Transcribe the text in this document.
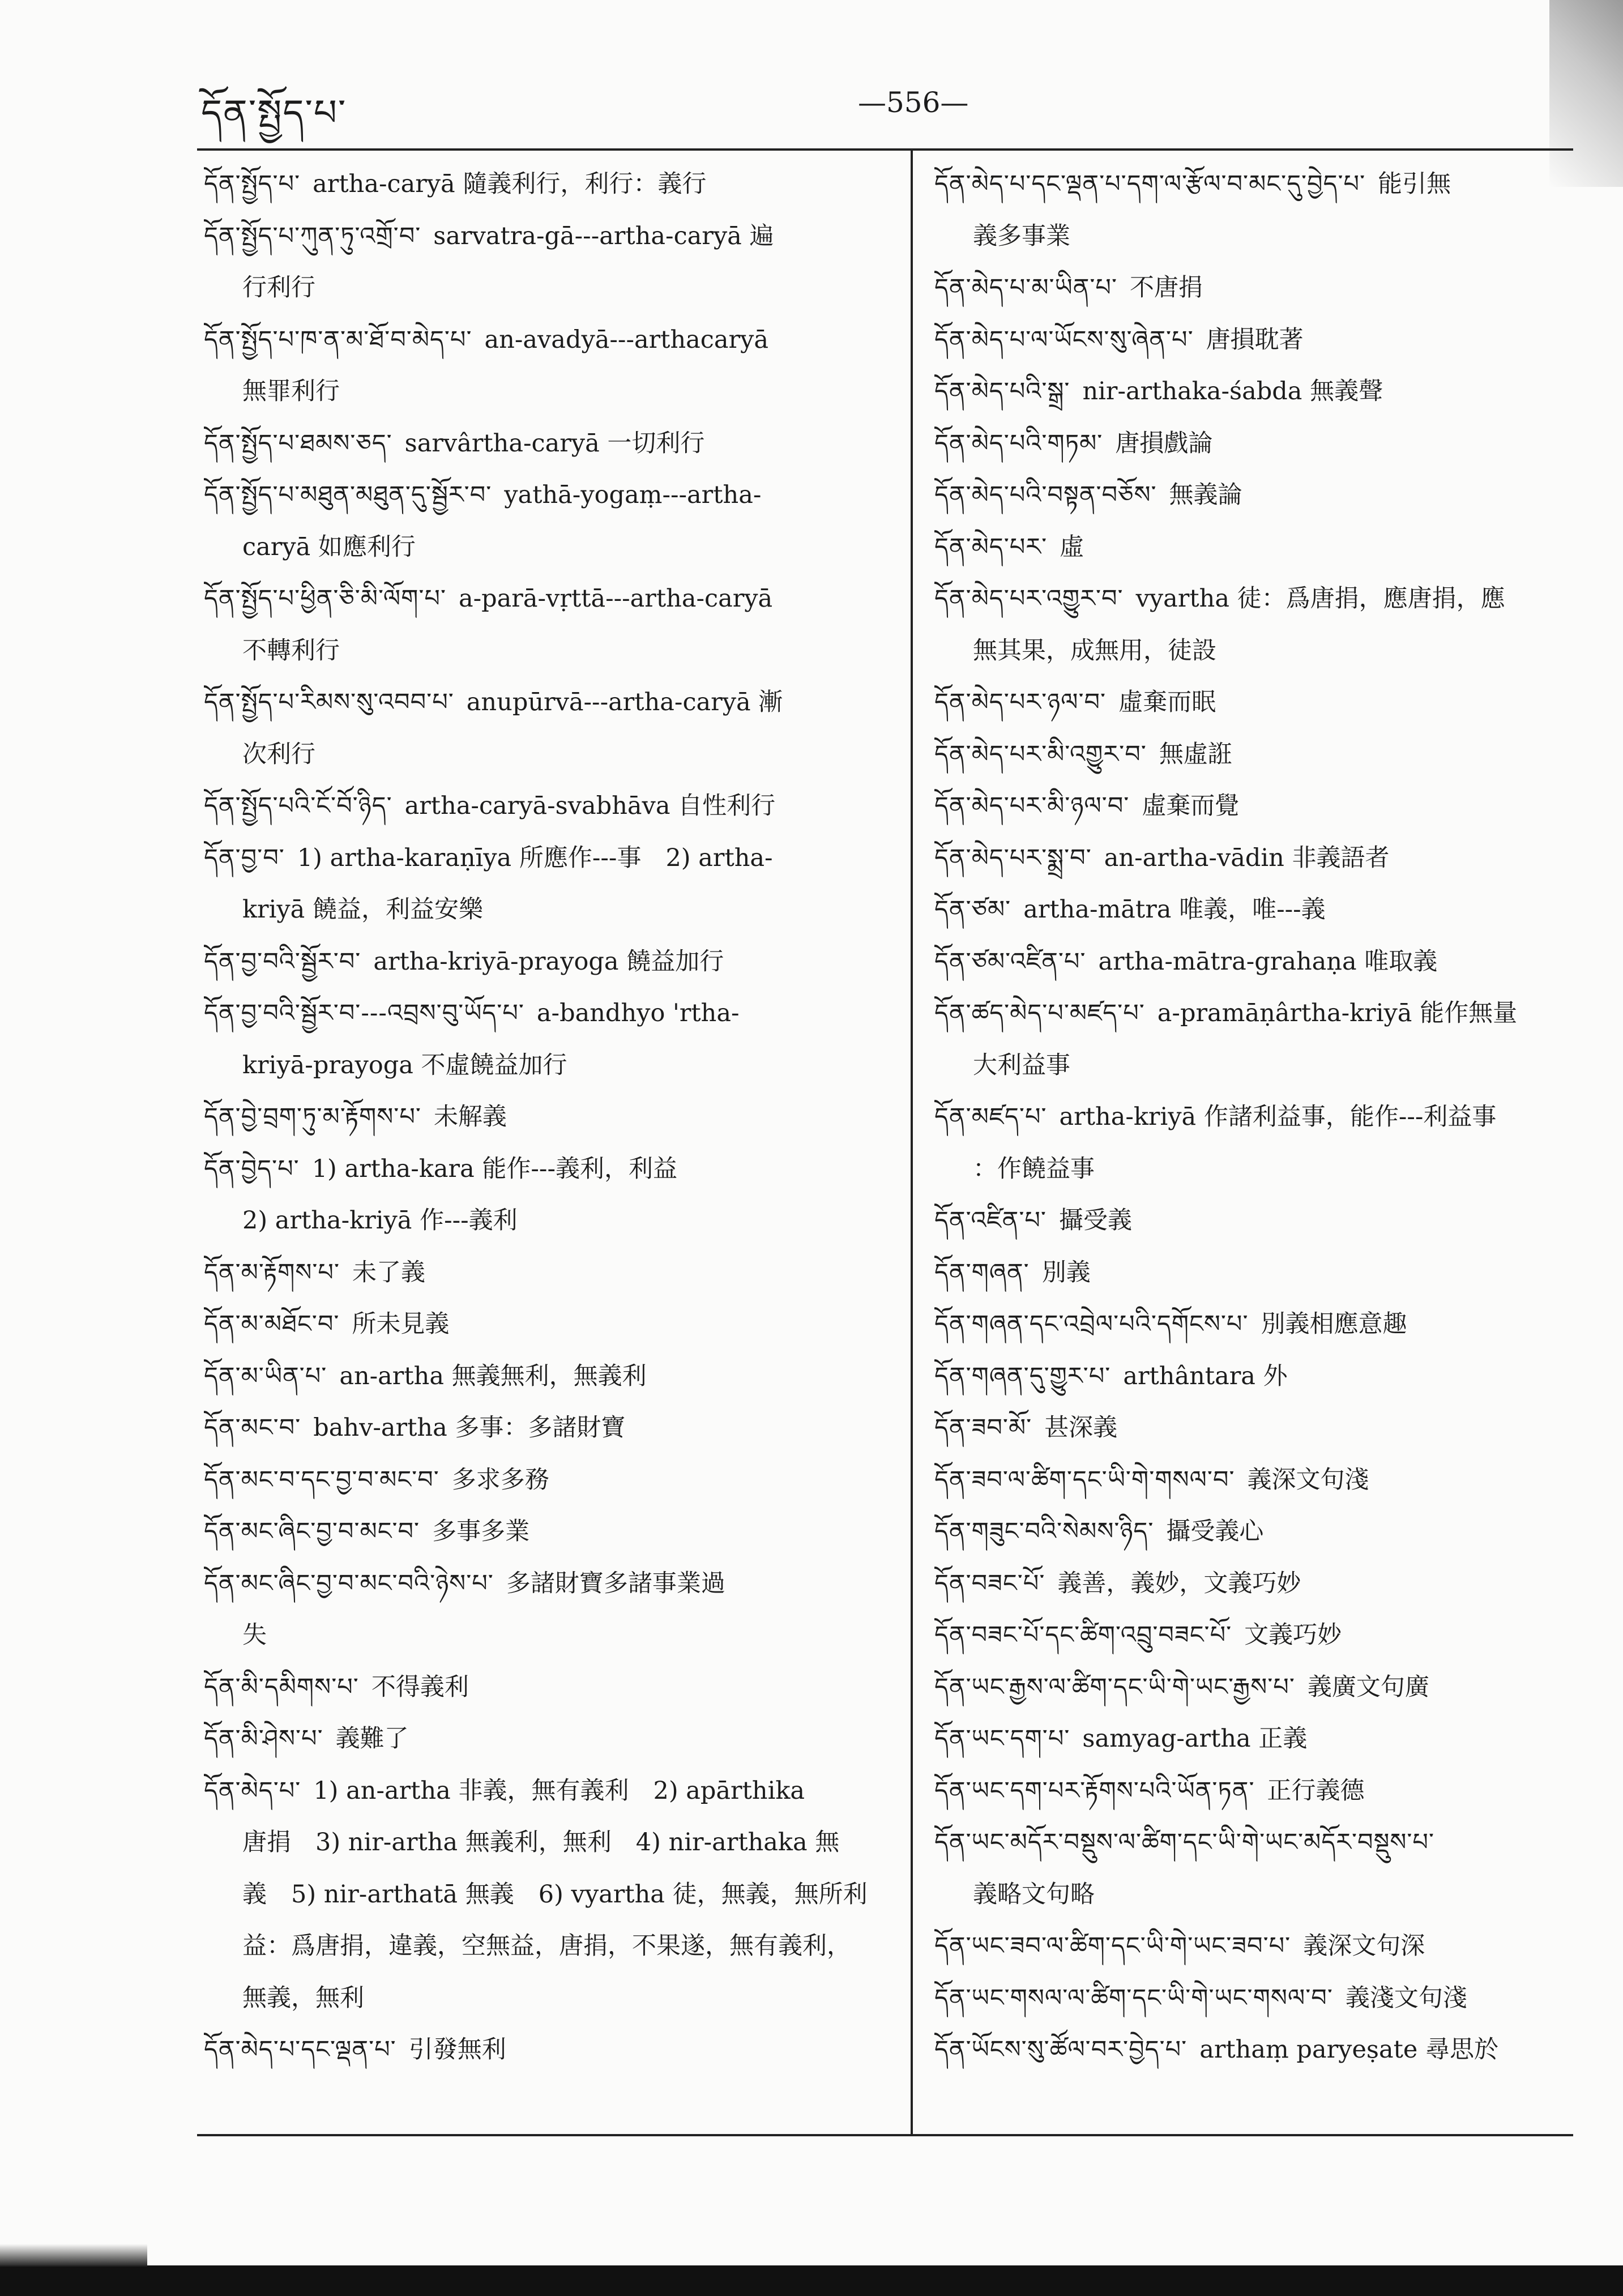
དོན་སྤྱོད་པ་	—556—
དོན་སྤྱོད་པ་ artha-caryā 隨義利行，利行：義行
དོན་སྤྱོད་པ་ཀུན་ཏུ་འགྲོ་བ་ sarvatra-gā---artha-caryā 遍
行利行
དོན་སྤྱོད་པ་ཁ་ན་མ་ཐོ་བ་མེད་པ་ an-avadyā---arthacaryā
無罪利行
དོན་སྤྱོད་པ་ཐམས་ཅད་ sarvârtha-caryā 一切利行
དོན་སྤྱོད་པ་མཐུན་མཐུན་དུ་སྦྱོར་བ་ yathā-yogaṃ---artha-
caryā 如應利行
དོན་སྤྱོད་པ་ཕྱིན་ཅི་མི་ལོག་པ་ a-parā-vṛttā---artha-caryā
不轉利行
དོན་སྤྱོད་པ་རིམས་སུ་འབབ་པ་ anupūrvā---artha-caryā 漸
次利行
དོན་སྤྱོད་པའི་ངོ་བོ་ཉིད་ artha-caryā-svabhāva 自性利行
དོན་བྱ་བ་ 1) artha-karaṇīya 所應作---事　2) artha-
kriyā 饒益，利益安樂
དོན་བྱ་བའི་སྦྱོར་བ་ artha-kriyā-prayoga 饒益加行
དོན་བྱ་བའི་སྦྱོར་བ་---འབྲས་བུ་ཡོད་པ་ a-bandhyo 'rtha-
kriyā-prayoga 不虛饒益加行
དོན་བྱེ་བྲག་ཏུ་མ་རྟོགས་པ་ 未解義
དོན་བྱེད་པ་ 1) artha-kara 能作---義利，利益
2) artha-kriyā 作---義利
དོན་མ་རྟོགས་པ་ 未了義
དོན་མ་མཐོང་བ་ 所未見義
དོན་མ་ཡིན་པ་ an-artha 無義無利，無義利
དོན་མང་བ་ bahv-artha 多事：多諸財寶
དོན་མང་བ་དང་བྱ་བ་མང་བ་ 多求多務
དོན་མང་ཞིང་བྱ་བ་མང་བ་ 多事多業
དོན་མང་ཞིང་བྱ་བ་མང་བའི་ཉེས་པ་ 多諸財寶多諸事業過
失
དོན་མི་དམིགས་པ་ 不得義利
དོན་མི་ཤེས་པ་ 義難了
དོན་མེད་པ་ 1) an-artha 非義，無有義利　2) apārthika
唐捐　3) nir-artha 無義利，無利　4) nir-arthaka 無
義　5) nir-arthatā 無義　6) vyartha 徒，無義，無所利
益：爲唐捐，違義，空無益，唐捐，不果遂，無有義利，
無義，無利
དོན་མེད་པ་དང་ལྡན་པ་ 引發無利
དོན་མེད་པ་དང་ལྡན་པ་དག་ལ་རྩོལ་བ་མང་དུ་བྱེད་པ་ 能引無
義多事業
དོན་མེད་པ་མ་ཡིན་པ་ 不唐捐
དོན་མེད་པ་ལ་ཡོངས་སུ་ཞེན་པ་ 唐損耽著
དོན་མེད་པའི་སྒྲ་ nir-arthaka-śabda 無義聲
དོན་མེད་པའི་གཏམ་ 唐損戲論
དོན་མེད་པའི་བསྟན་བཅོས་ 無義論
དོན་མེད་པར་ 虛
དོན་མེད་པར་འགྱུར་བ་ vyartha 徒：爲唐捐，應唐捐，應
無其果，成無用，徒設
དོན་མེད་པར་ཉལ་བ་ 虛棄而眠
དོན་མེད་པར་མི་འགྱུར་བ་ 無虛誑
དོན་མེད་པར་མི་ཉལ་བ་ 虛棄而覺
དོན་མེད་པར་སྨྲ་བ་ an-artha-vādin 非義語者
དོན་ཙམ་ artha-mātra 唯義，唯---義
དོན་ཙམ་འཛིན་པ་ artha-mātra-grahaṇa 唯取義
དོན་ཚད་མེད་པ་མཛད་པ་ a-pramāṇârtha-kriyā 能作無量
大利益事
དོན་མཛད་པ་ artha-kriyā 作諸利益事，能作---利益事
：作饒益事
དོན་འཛིན་པ་ 攝受義
དོན་གཞན་ 別義
དོན་གཞན་དང་འབྲེལ་པའི་དགོངས་པ་ 別義相應意趣
དོན་གཞན་དུ་གྱུར་པ་ arthântara 外
དོན་ཟབ་མོ་ 甚深義
དོན་ཟབ་ལ་ཚིག་དང་ཡི་གེ་གསལ་བ་ 義深文句淺
དོན་གཟུང་བའི་སེམས་ཉིད་ 攝受義心
དོན་བཟང་པོ་ 義善，義妙，文義巧妙
དོན་བཟང་པོ་དང་ཚིག་འབྲུ་བཟང་པོ་ 文義巧妙
དོན་ཡང་རྒྱས་ལ་ཚིག་དང་ཡི་གེ་ཡང་རྒྱས་པ་ 義廣文句廣
དོན་ཡང་དག་པ་ samyag-artha 正義
དོན་ཡང་དག་པར་རྟོགས་པའི་ཡོན་ཏན་ 正行義德
དོན་ཡང་མདོར་བསྡུས་ལ་ཚིག་དང་ཡི་གེ་ཡང་མདོར་བསྡུས་པ་
義略文句略
དོན་ཡང་ཟབ་ལ་ཚིག་དང་ཡི་གེ་ཡང་ཟབ་པ་ 義深文句深
དོན་ཡང་གསལ་ལ་ཚིག་དང་ཡི་གེ་ཡང་གསལ་བ་ 義淺文句淺
དོན་ཡོངས་སུ་ཚོལ་བར་བྱེད་པ་ arthaṃ paryeṣate 尋思於
